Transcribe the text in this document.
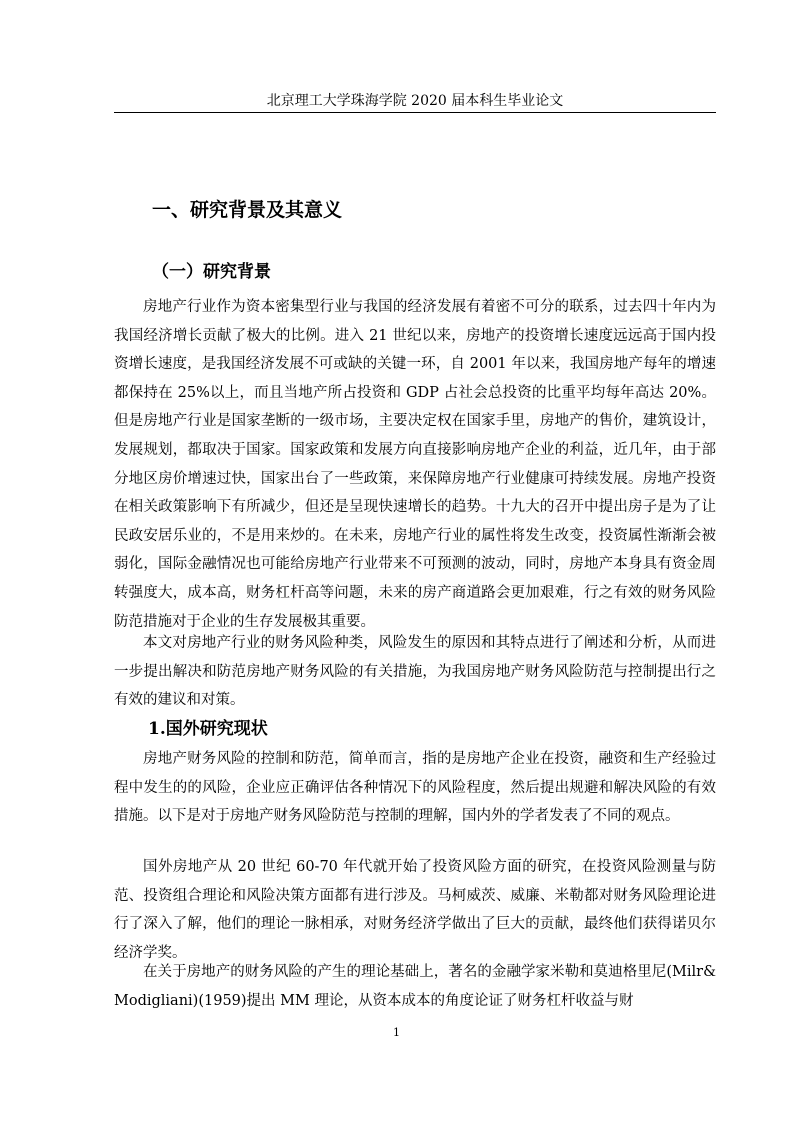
北京理工大学珠海学院 2020 届本科生毕业论文
一、研究背景及其意义
（一）研究背景

房地产行业作为资本密集型行业与我国的经济发展有着密不可分的联系，过去四十年内为我国经济增长贡献了极大的比例。进入 21 世纪以来，房地产的投资增长速度远远高于国内投资增长速度，是我国经济发展不可或缺的关键一环，自 2001 年以来，我国房地产每年的增速都保持在 25%以上，而且当地产所占投资和 GDP 占社会总投资的比重平均每年高达 20%。但是房地产行业是国家垄断的一级市场，主要决定权在国家手里，房地产的售价，建筑设计，发展规划，都取决于国家。国家政策和发展方向直接影响房地产企业的利益，近几年，由于部分地区房价增速过快，国家出台了一些政策，来保障房地产行业健康可持续发展。房地产投资在相关政策影响下有所减少，但还是呈现快速增长的趋势。十九大的召开中提出房子是为了让民政安居乐业的，不是用来炒的。在未来，房地产行业的属性将发生改变，投资属性渐渐会被弱化，国际金融情况也可能给房地产行业带来不可预测的波动，同时，房地产本身具有资金周转强度大，成本高，财务杠杆高等问题，未来的房产商道路会更加艰难，行之有效的财务风险防范措施对于企业的生存发展极其重要。

本文对房地产行业的财务风险种类，风险发生的原因和其特点进行了阐述和分析，从而进一步提出解决和防范房地产财务风险的有关措施，为我国房地产财务风险防范与控制提出行之有效的建议和对策。

1.国外研究现状

房地产财务风险的控制和防范，简单而言，指的是房地产企业在投资，融资和生产经验过程中发生的的风险，企业应正确评估各种情况下的风险程度，然后提出规避和解决风险的有效措施。以下是对于房地产财务风险防范与控制的理解，国内外的学者发表了不同的观点。

国外房地产从 20 世纪 60-70 年代就开始了投资风险方面的研究，在投资风险测量与防范、投资组合理论和风险决策方面都有进行涉及。马柯威茨、威廉、米勒都对财务风险理论进行了深入了解，他们的理论一脉相承，对财务经济学做出了巨大的贡献，最终他们获得诺贝尔经济学奖。

在关于房地产的财务风险的产生的理论基础上，著名的金融学家米勒和莫迪格里尼(Milr& Modigliani)(1959)提出 MM 理论，从资本成本的角度论证了财务杠杆收益与财

1
